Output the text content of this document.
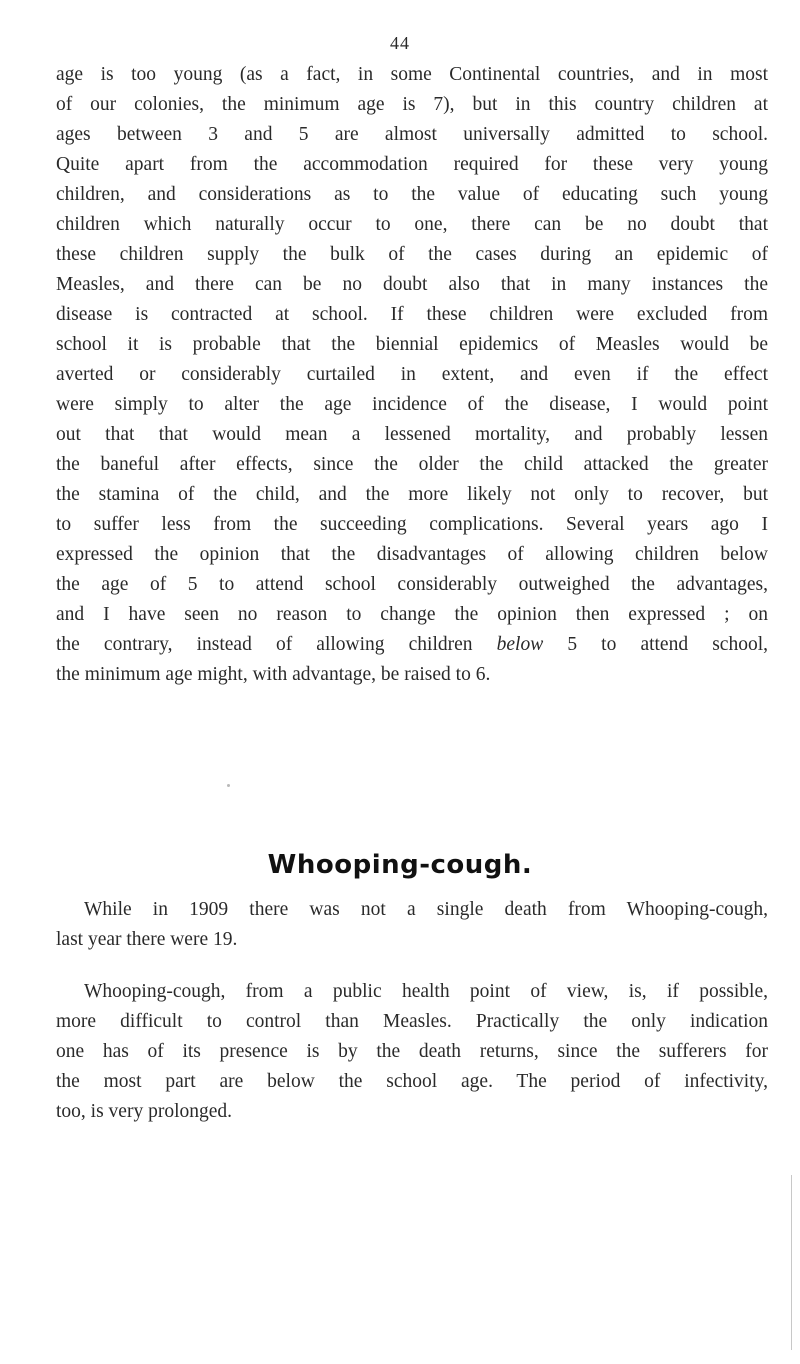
44
age is too young (as a fact, in some Continental countries, and in most
of our colonies, the minimum age is 7), but in this country children at
ages between 3 and 5 are almost universally admitted to school.
Quite apart from the accommodation required for these very young
children, and considerations as to the value of educating such young
children which naturally occur to one, there can be no doubt that
these children supply the bulk of the cases during an epidemic of
Measles, and there can be no doubt also that in many instances the
disease is contracted at school. If these children were excluded from
school it is probable that the biennial epidemics of Measles would be
averted or considerably curtailed in extent, and even if the effect
were simply to alter the age incidence of the disease, I would point
out that that would mean a lessened mortality, and probably lessen
the baneful after effects, since the older the child attacked the greater
the stamina of the child, and the more likely not only to recover, but
to suffer less from the succeeding complications. Several years ago I
expressed the opinion that the disadvantages of allowing children below
the age of 5 to attend school considerably outweighed the advantages,
and I have seen no reason to change the opinion then expressed ; on
the contrary, instead of allowing children below 5 to attend school,
the minimum age might, with advantage, be raised to 6.
Whooping-cough.
While in 1909 there was not a single death from Whooping-cough,
last year there were 19.
Whooping-cough, from a public health point of view, is, if possible,
more difficult to control than Measles. Practically the only indication
one has of its presence is by the death returns, since the sufferers for
the most part are below the school age. The period of infectivity,
too, is very prolonged.
